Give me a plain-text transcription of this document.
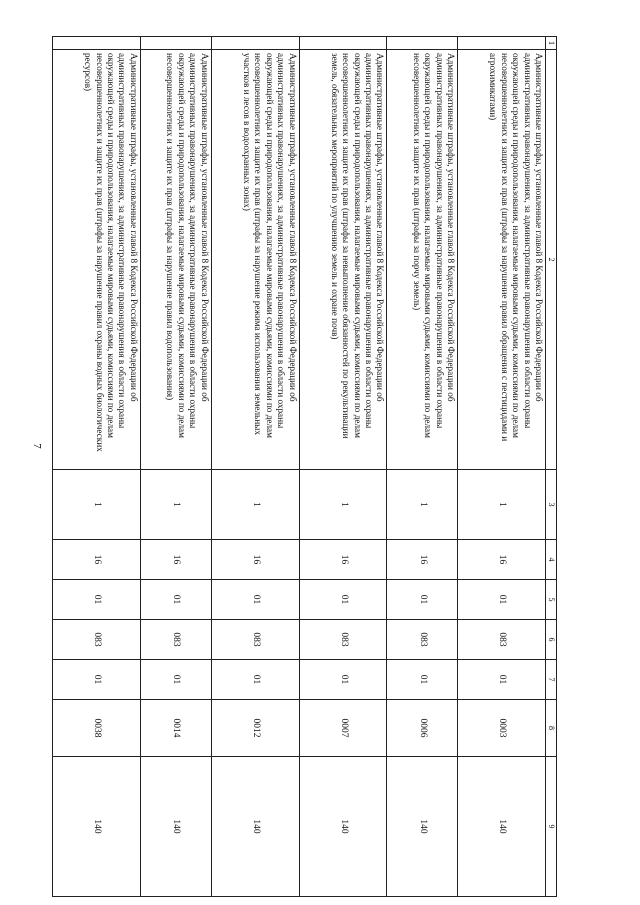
7
1	2	3	4	5	6	7	8	9
	Административные штрафы, установленные главой 8 Кодекса Российской Федерации об административных правонарушениях, за административные правонарушения в области охраны окружающей среды и природопользования, налагаемые мировыми судьями, комиссиями по делам несовершеннолетних и защите их прав (штрафы за нарушение правил обращения с пестицидами и агрохимикатами)	1	16	01	083	01	0003	140
	Административные штрафы, установленные главой 8 Кодекса Российской Федерации об административных правонарушениях, за административные правонарушения в области охраны окружающей среды и природопользования, налагаемые мировыми судьями, комиссиями по делам несовершеннолетних и защите их прав (штрафы за порчу земель)	1	16	01	083	01	0006	140
	Административные штрафы, установленные главой 8 Кодекса Российской Федерации об административных правонарушениях, за административные правонарушения в области охраны окружающей среды и природопользования, налагаемые мировыми судьями, комиссиями по делам несовершеннолетних и защите их прав (штрафы за невыполнение обязанностей по рекультивации земель, обязательных мероприятий по улучшению земель и охране почв)	1	16	01	083	01	0007	140
	Административные штрафы, установленные главой 8 Кодекса Российской Федерации об административных правонарушениях, за административные правонарушения в области охраны окружающей среды и природопользования, налагаемые мировыми судьями, комиссиями по делам несовершеннолетних и защите их прав (штрафы за нарушение режима использования земельных участков и лесов в водоохранных зонах)	1	16	01	083	01	0012	140
	Административные штрафы, установленные главой 8 Кодекса Российской Федерации об административных правонарушениях, за административные правонарушения в области охраны окружающей среды и природопользования, налагаемые мировыми судьями, комиссиями по делам несовершеннолетних и защите их прав (штрафы за нарушение правил водопользования)	1	16	01	083	01	0014	140
	Административные штрафы, установленные главой 8 Кодекса Российской Федерации об административных правонарушениях, за административные правонарушения в области охраны окружающей среды и природопользования, налагаемые мировыми судьями, комиссиями по делам несовершеннолетних и защите их прав (штрафы за нарушение правил охраны водных биологических ресурсов)	1	16	01	083	01	0038	140
